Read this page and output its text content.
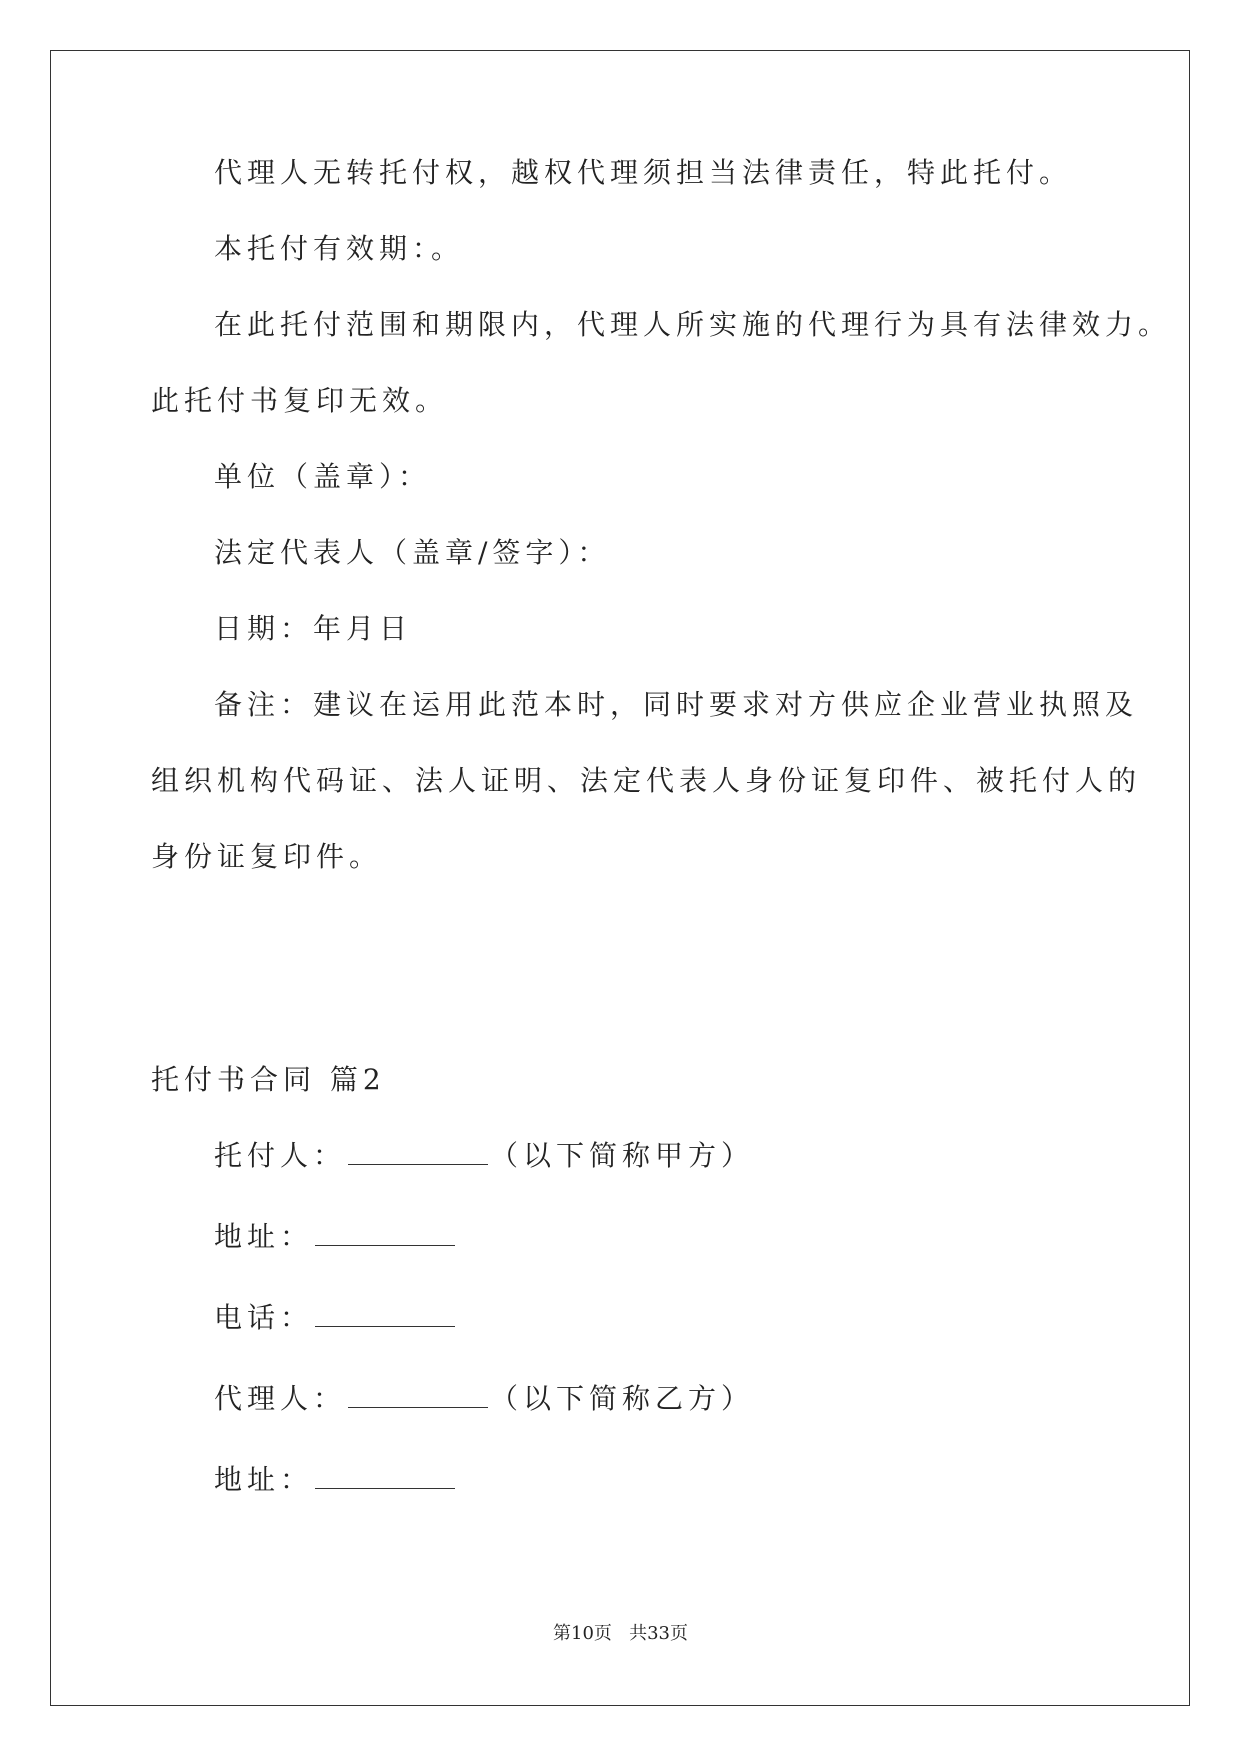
代理人无转托付权，越权代理须担当法律责任，特此托付。
本托付有效期：。
在此托付范围和期限内，代理人所实施的代理行为具有法律效力。
此托付书复印无效。
单位（盖章）：
法定代表人（盖章/签字）：
日期：年月日
备注：建议在运用此范本时，同时要求对方供应企业营业执照及
组织机构代码证、法人证明、法定代表人身份证复印件、被托付人的
身份证复印件。
托付书合同 篇2
托付人：	（以下简称甲方）
地址：
电话：
代理人：	（以下简称乙方）
地址：
第10页 共33页
